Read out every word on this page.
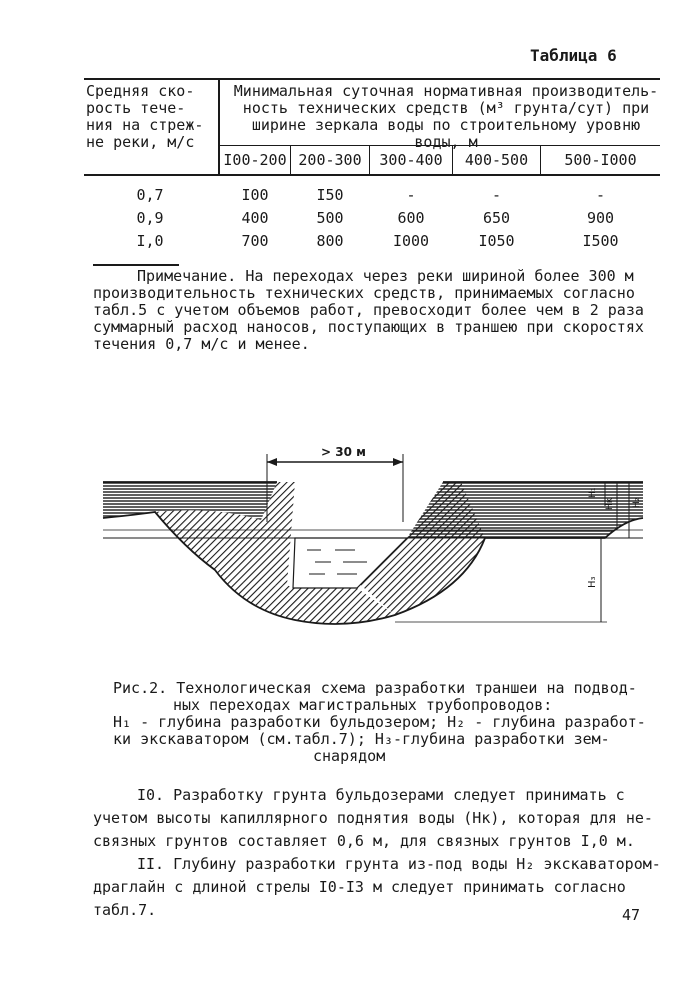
Таблица 6
Средняя ско-
рость тече-
ния на стреж-
не реки, м/с
Минимальная суточная нормативная производитель-
ность технических средств (м³ грунта/сут) при
ширине зеркала воды по строительному уровню
воды, м
I00-200 200-300	300-400	400-500	500-I000
0,7	I00	I50	-	-	-
0,9	400	500	600	650	900
I,0	700	800	I000	I050	I500
Примечание. На переходах через реки шириной более 300 м
производительность технических средств, принимаемых согласно
табл.5 с учетом объемов работ, превосходит более чем в 2 раза
суммарный расход наносов, поступающих в траншею при скоростях
течения 0,7 м/с и менее.
> 30 м
Н₁
Нк Н₂
Н₃
Рис.2. Технологическая схема разработки траншеи на подвод-
ных переходах магистральных трубопроводов:
Н₁ - глубина разработки бульдозером; Н₂ - глубина разработ-
ки экскаватором (см.табл.7); Н₃-глубина разработки зем-
снарядом
I0. Разработку грунта бульдозерами следует принимать с
учетом высоты капиллярного поднятия воды (Нк), которая для не-
связных грунтов составляет 0,6 м, для связных грунтов I,0 м.
II. Глубину разработки грунта из-под воды Н₂ экскаватором-
драглайн с длиной стрелы I0-I3 м следует принимать согласно
табл.7.	47
